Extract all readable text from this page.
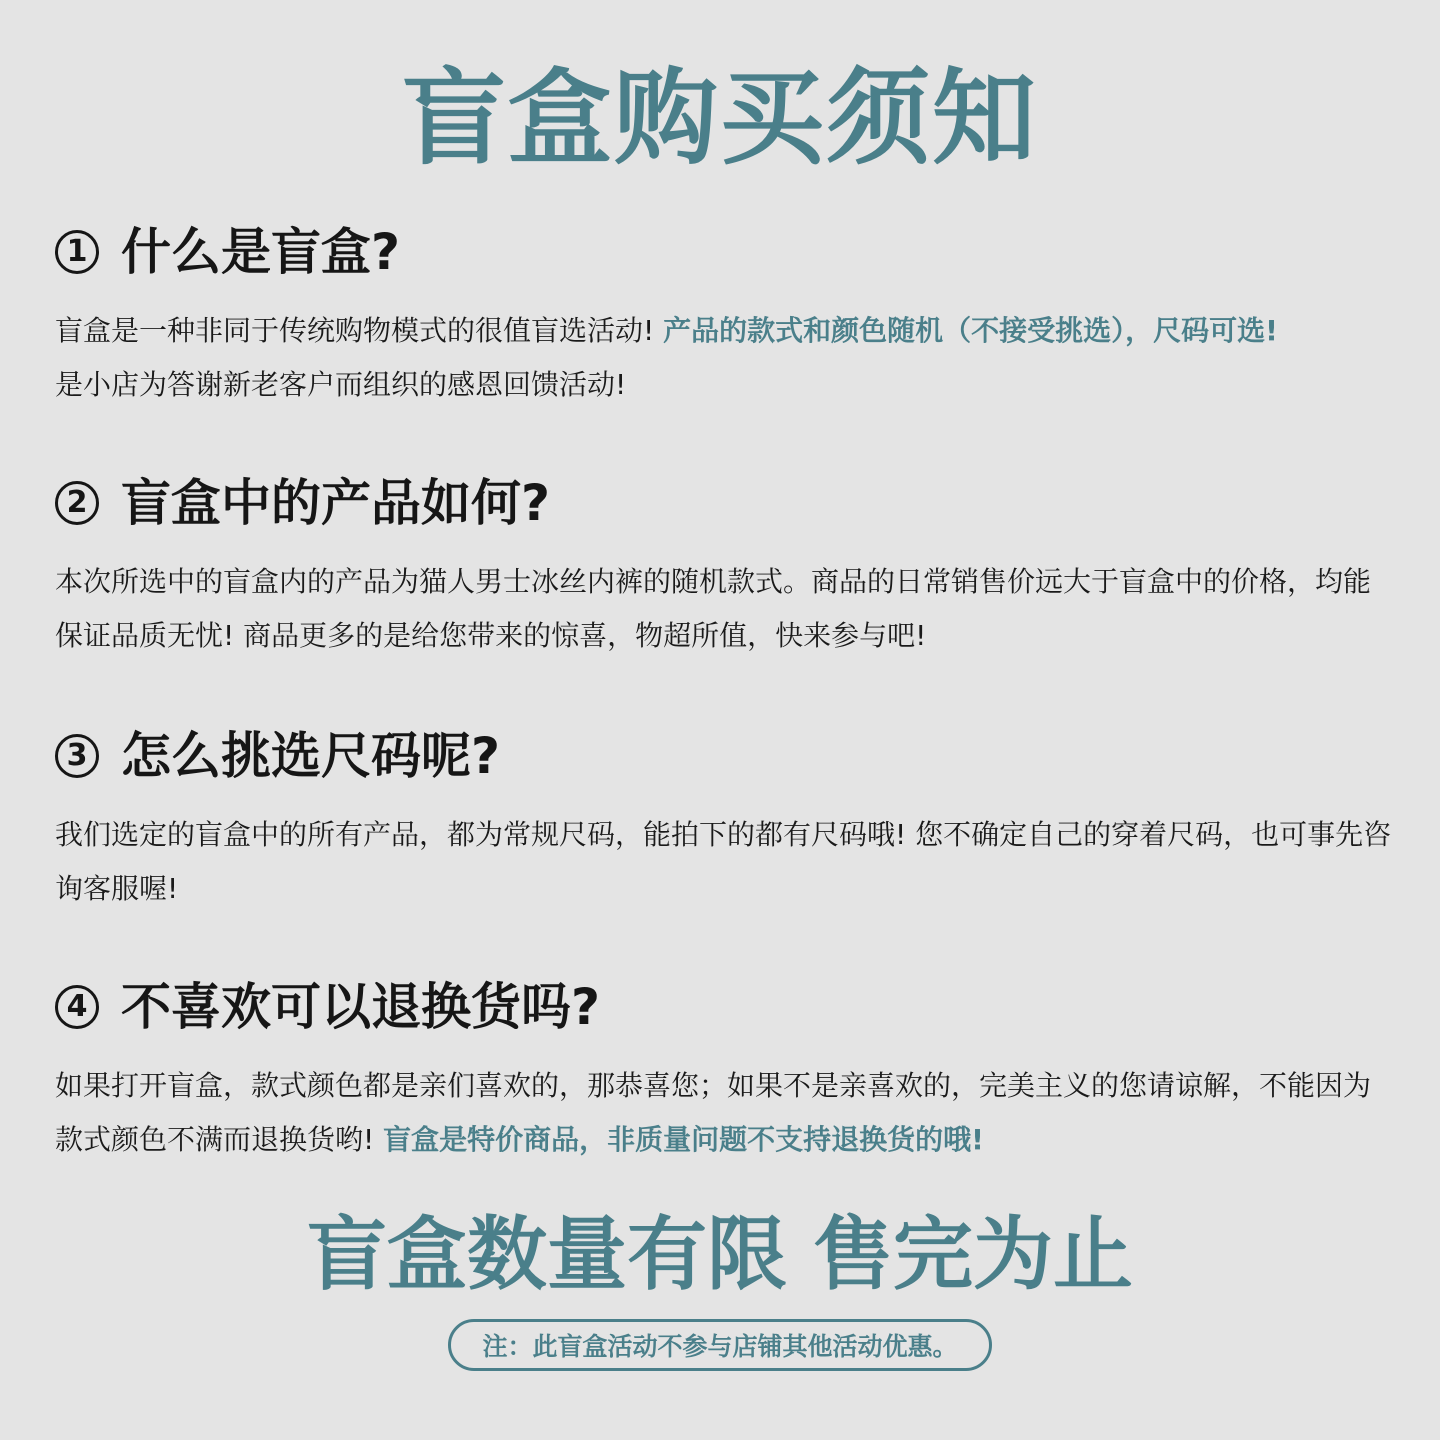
盲盒购买须知
1 什么是盲盒?
盲盒是一种非同于传统购物模式的很值盲选活动! 产品的款式和颜色随机（不接受挑选），尺码可选!
是小店为答谢新老客户而组织的感恩回馈活动!
2 盲盒中的产品如何?
本次所选中的盲盒内的产品为猫人男士冰丝内裤的随机款式。商品的日常销售价远大于盲盒中的价格，均能保证品质无忧! 商品更多的是给您带来的惊喜，物超所值，快来参与吧!
3 怎么挑选尺码呢?
我们选定的盲盒中的所有产品，都为常规尺码，能拍下的都有尺码哦! 您不确定自己的穿着尺码，也可事先咨询客服喔!
4 不喜欢可以退换货吗?
如果打开盲盒，款式颜色都是亲们喜欢的，那恭喜您；如果不是亲喜欢的，完美主义的您请谅解，不能因为款式颜色不满而退换货哟! 盲盒是特价商品，非质量问题不支持退换货的哦!
盲盒数量有限 售完为止
注：此盲盒活动不参与店铺其他活动优惠。
